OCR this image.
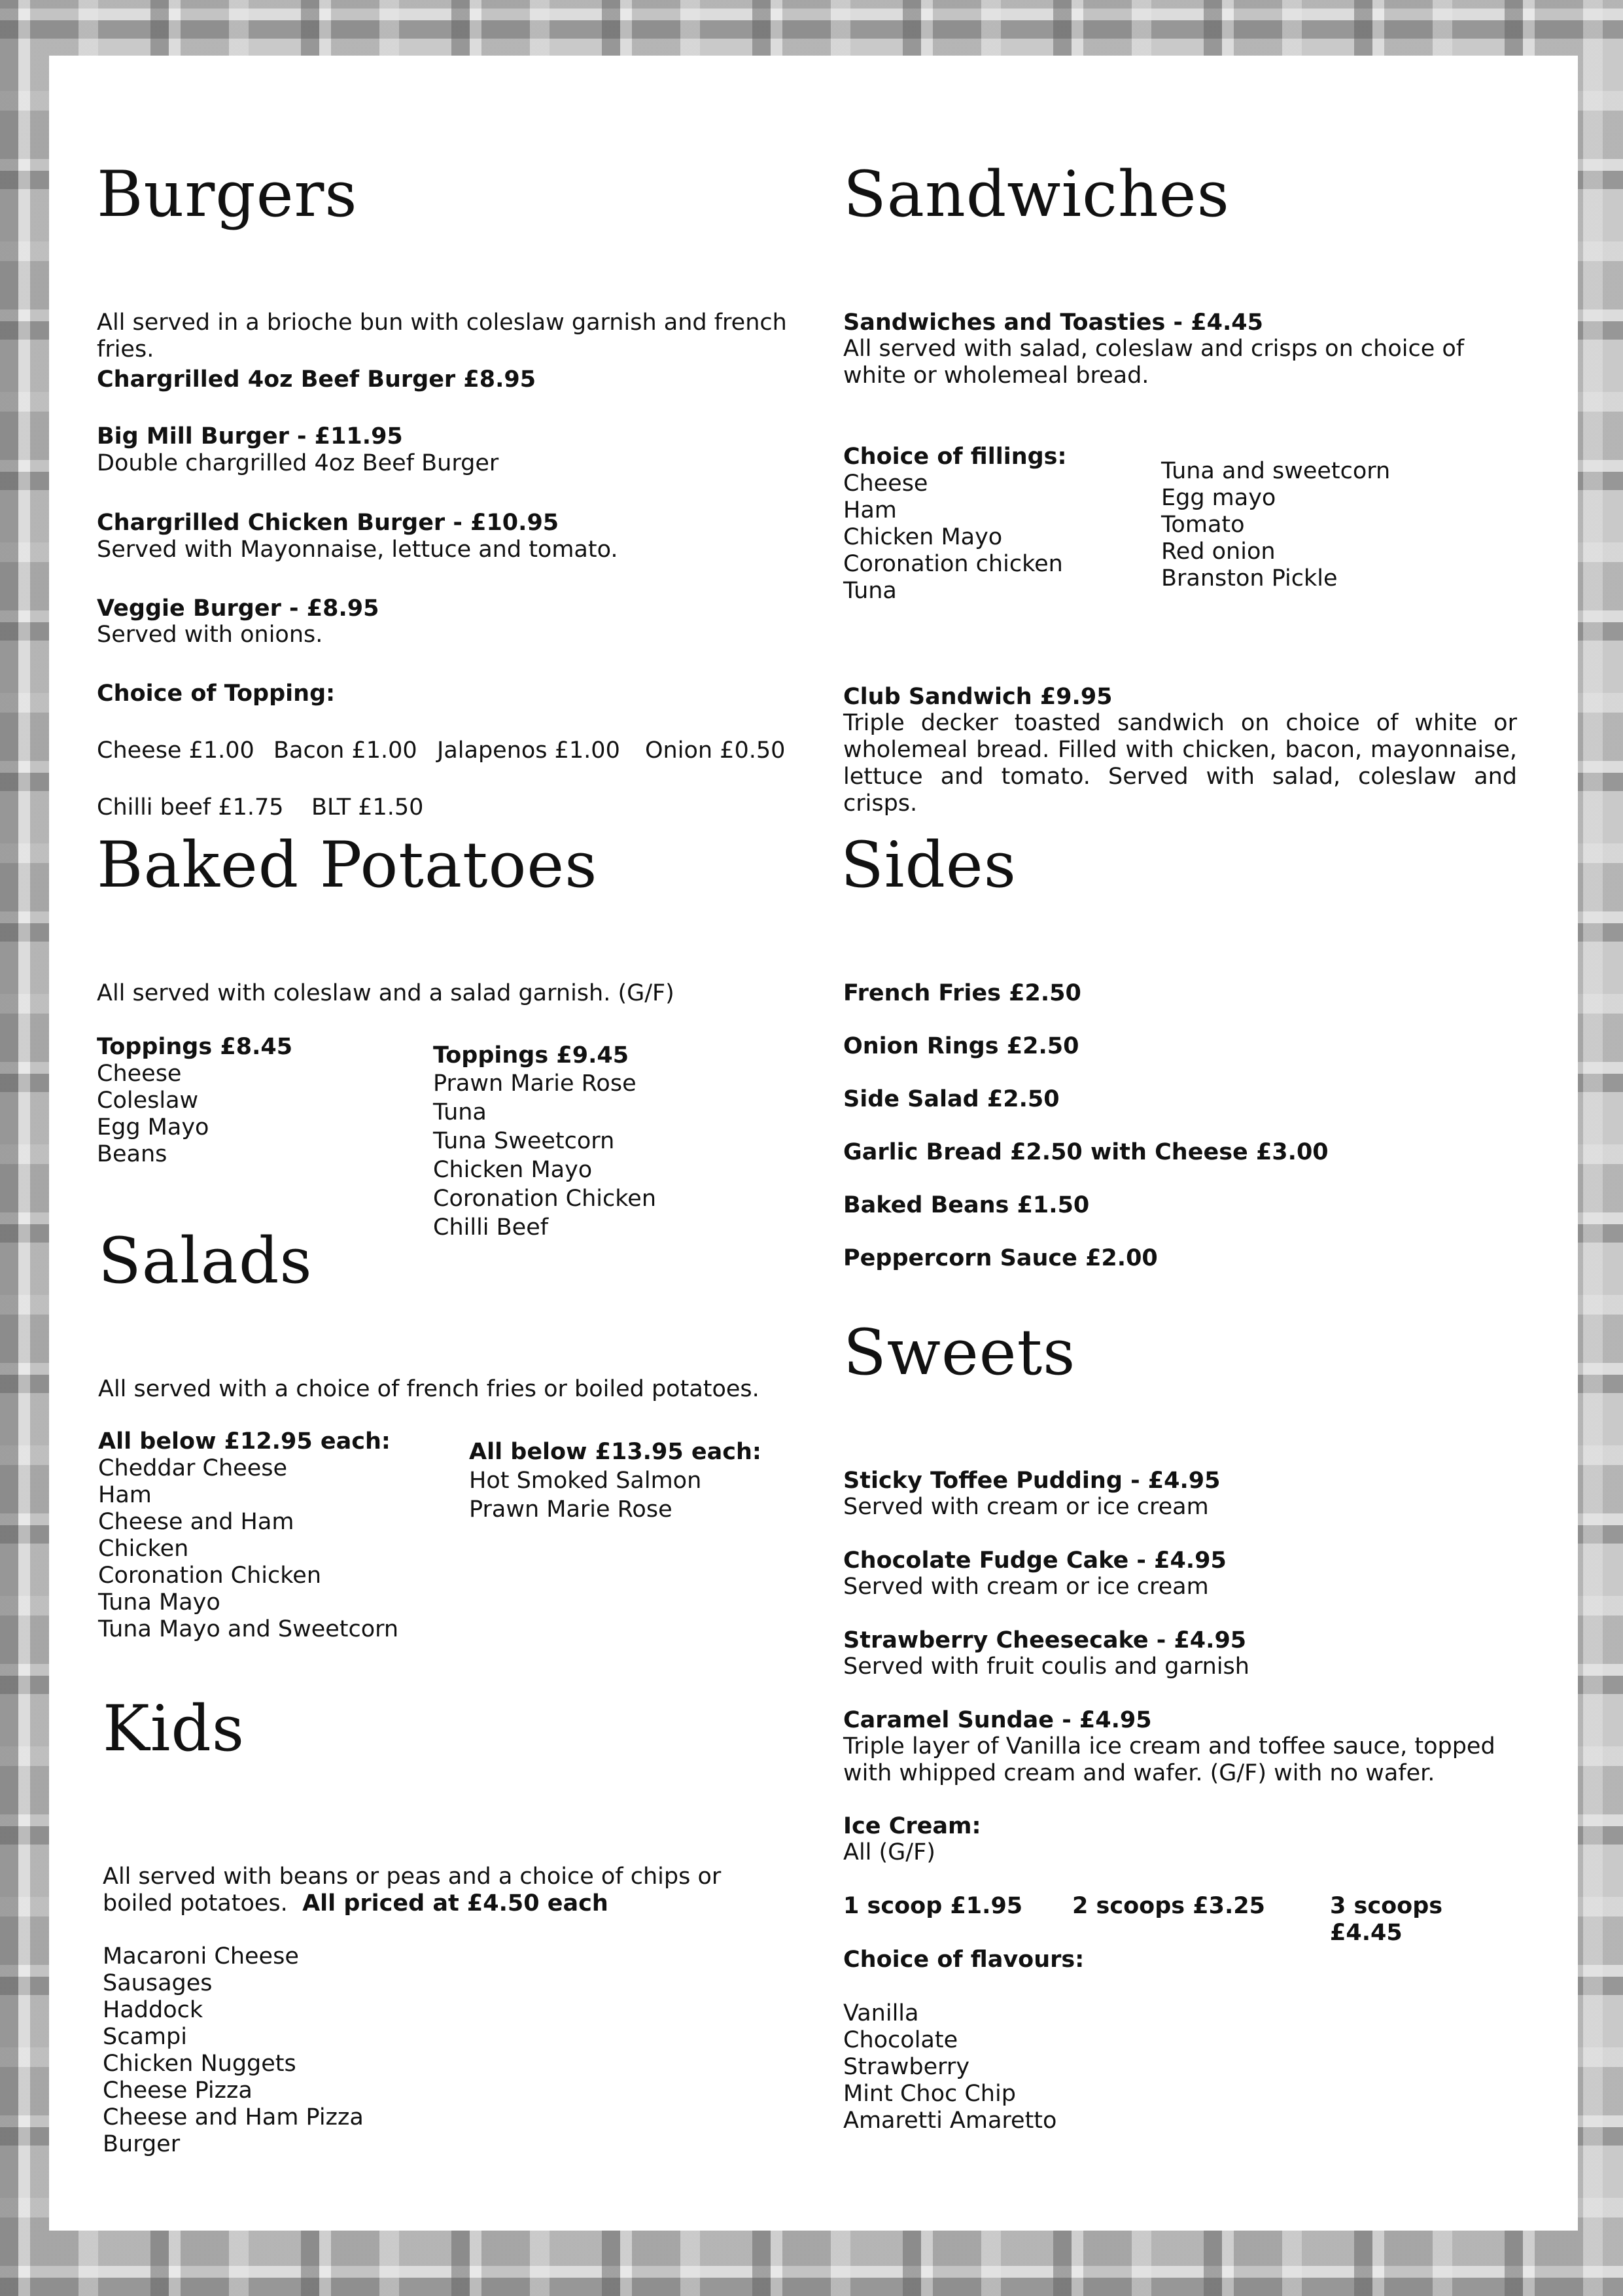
Burgers

All served in a brioche bun with coleslaw garnish and french fries.

Chargrilled 4oz Beef Burger £8.95

Big Mill Burger - £11.95

Double chargrilled 4oz Beef Burger

Chargrilled Chicken Burger - £10.95

Served with Mayonnaise, lettuce and tomato.

Veggie Burger - £8.95

Served with onions.

Choice of Topping:

Cheese £1.00 Bacon £1.00 Jalapenos £1.00 Onion £0.50

Chilli beef £1.75 BLT £1.50

Sandwiches

Sandwiches and Toasties - £4.45

All served with salad, coleslaw and crisps on choice of white or wholemeal bread.

Choice of fillings:

Cheese

Ham

Chicken Mayo

Coronation chicken

Tuna

Tuna and sweetcorn

Egg mayo

Tomato

Red onion

Branston Pickle

Club Sandwich £9.95

Triple decker toasted sandwich on choice of white or wholemeal bread. Filled with chicken, bacon, mayonnaise, lettuce and tomato. Served with salad, coleslaw and crisps.

Baked Potatoes

All served with coleslaw and a salad garnish. (G/F)

Toppings £8.45

Cheese

Coleslaw

Egg Mayo

Beans

Toppings £9.45

Prawn Marie Rose

Tuna

Tuna Sweetcorn

Chicken Mayo

Coronation Chicken

Chilli Beef

Sides

French Fries £2.50

Onion Rings £2.50

Side Salad £2.50

Garlic Bread £2.50 with Cheese £3.00

Baked Beans £1.50

Peppercorn Sauce £2.00

Salads

All served with a choice of french fries or boiled potatoes.

All below £12.95 each:

Cheddar Cheese

Ham

Cheese and Ham

Chicken

Coronation Chicken

Tuna Mayo

Tuna Mayo and Sweetcorn

All below £13.95 each:

Hot Smoked Salmon

Prawn Marie Rose

Sweets

Sticky Toffee Pudding - £4.95

Served with cream or ice cream

Chocolate Fudge Cake - £4.95

Served with cream or ice cream

Strawberry Cheesecake - £4.95

Served with fruit coulis and garnish

Caramel Sundae - £4.95

Triple layer of Vanilla ice cream and toffee sauce, topped with whipped cream and wafer. (G/F) with no wafer.

Ice Cream:

All (G/F)

1 scoop £1.95 2 scoops £3.25	3 scoops £4.45

Choice of flavours:

Vanilla

Chocolate

Strawberry

Mint Choc Chip

Amaretti Amaretto

Kids

All served with beans or peas and a choice of chips or boiled potatoes. All priced at £4.50 each

Macaroni Cheese

Sausages

Haddock

Scampi

Chicken Nuggets

Cheese Pizza

Cheese and Ham Pizza

Burger
